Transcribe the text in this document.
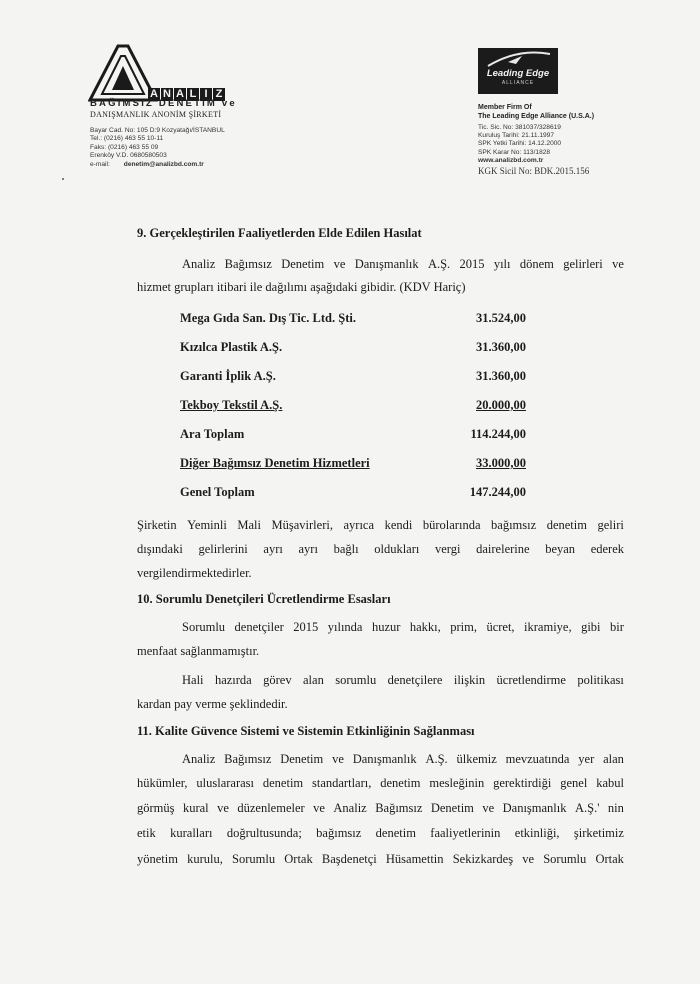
A N A L I Z
BAĞIMSIZ DENETİM ve
DANIŞMANLIK ANONİM ŞİRKETİ
Bayar Cad. No: 105 D:9 Kozyatağı/İSTANBUL
Tel.: (0216) 463 55 10-11
Faks: (0216) 463 55 09
Erenköy V.D. 0680580503
e-mail: denetim@analizbd.com.tr
Leading Edge
ALLIANCE
Member Firm Of
The Leading Edge Alliance (U.S.A.)
Tic. Sic. No: 381037/328619
Kuruluş Tarihi: 21.11.1997
SPK Yetki Tarihi: 14.12.2000
SPK Karar No: 113/1828
www.analizbd.com.tr
KGK Sicil No: BDK.2015.156
9. Gerçekleştirilen Faaliyetlerden Elde Edilen Hasılat
Analiz Bağımsız Denetim ve Danışmanlık A.Ş. 2015 yılı dönem gelirleri ve
hizmet grupları itibari ile dağılımı aşağıdaki gibidir. (KDV Hariç)
Mega Gıda San. Dış Tic. Ltd. Şti.	31.524,00
Kızılca Plastik A.Ş.	31.360,00
Garanti İplik A.Ş.	31.360,00
Tekboy Tekstil A.Ş.	20.000,00
Ara Toplam	114.244,00
Diğer Bağımsız Denetim Hizmetleri	33.000,00
Genel Toplam	147.244,00
Şirketin Yeminli Mali Müşavirleri, ayrıca kendi bürolarında bağımsız denetim geliri
dışındaki gelirlerini ayrı ayrı bağlı oldukları vergi dairelerine beyan ederek
vergilendirmektedirler.
10. Sorumlu Denetçileri Ücretlendirme Esasları
Sorumlu denetçiler 2015 yılında huzur hakkı, prim, ücret, ikramiye, gibi bir
menfaat sağlanmamıştır.
Hali hazırda görev alan sorumlu denetçilere ilişkin ücretlendirme politikası
kardan pay verme şeklindedir.
11. Kalite Güvence Sistemi ve Sistemin Etkinliğinin Sağlanması
Analiz Bağımsız Denetim ve Danışmanlık A.Ş. ülkemiz mevzuatında yer alan
hükümler, uluslararası denetim standartları, denetim mesleğinin gerektirdiği genel kabul
görmüş kural ve düzenlemeler ve Analiz Bağımsız Denetim ve Danışmanlık A.Ş.' nin
etik kuralları doğrultusunda; bağımsız denetim faaliyetlerinin etkinliği, şirketimiz
yönetim kurulu, Sorumlu Ortak Başdenetçi Hüsamettin Sekizkardeş ve Sorumlu Ortak
